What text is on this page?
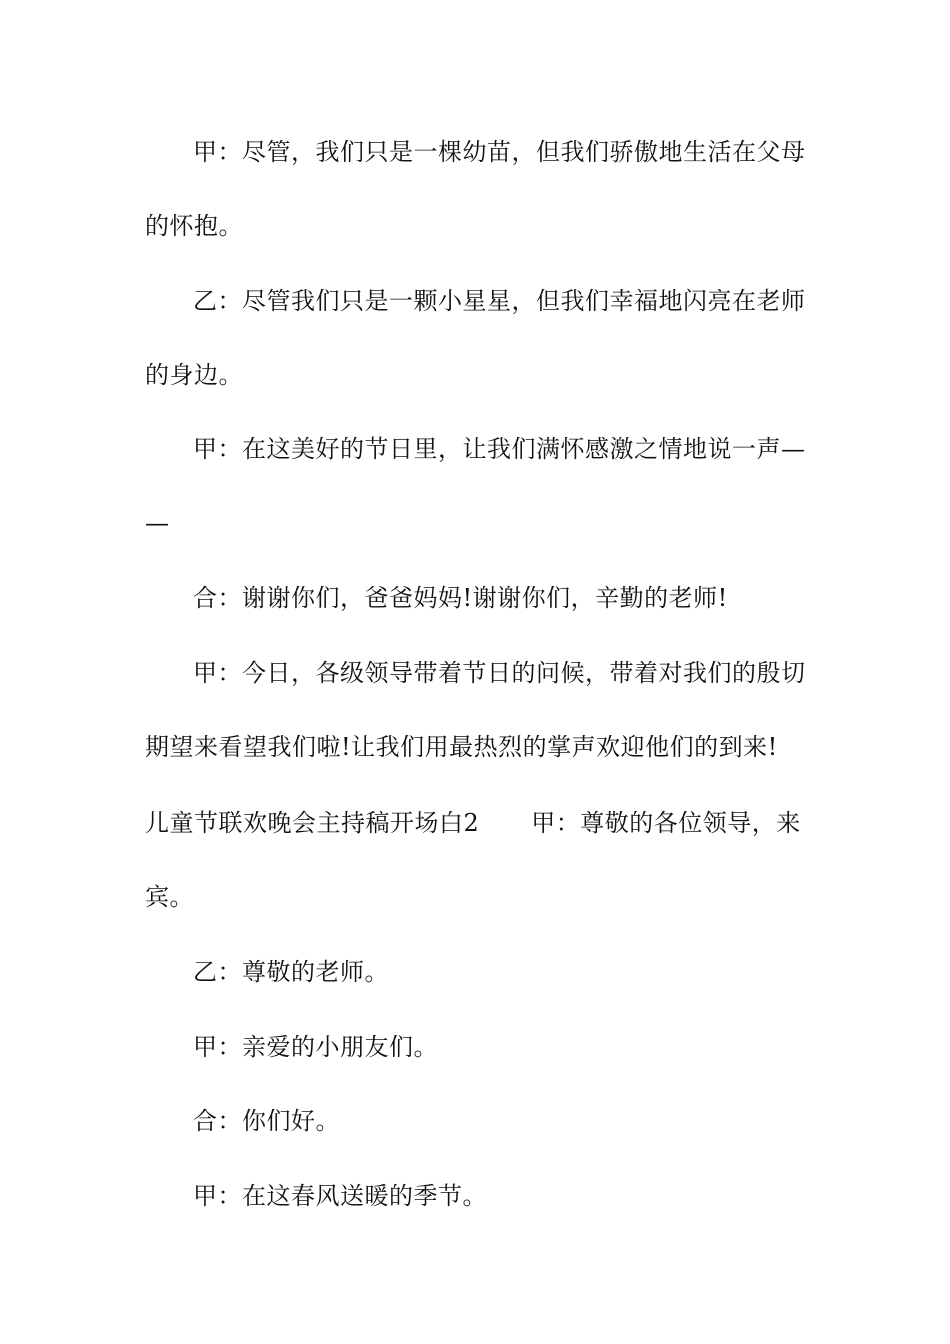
甲：尽管，我们只是一棵幼苗，但我们骄傲地生活在父母
的怀抱。
乙：尽管我们只是一颗小星星，但我们幸福地闪亮在老师
的身边。
甲：在这美好的节日里，让我们满怀感激之情地说一声—
—
合：谢谢你们，爸爸妈妈!谢谢你们，辛勤的老师!
甲：今日，各级领导带着节日的问候，带着对我们的殷切
期望来看望我们啦!让我们用最热烈的掌声欢迎他们的到来!
儿童节联欢晚会主持稿开场白2 甲：尊敬的各位领导，来
宾。
乙：尊敬的老师。
甲：亲爱的小朋友们。
合：你们好。
甲：在这春风送暖的季节。
